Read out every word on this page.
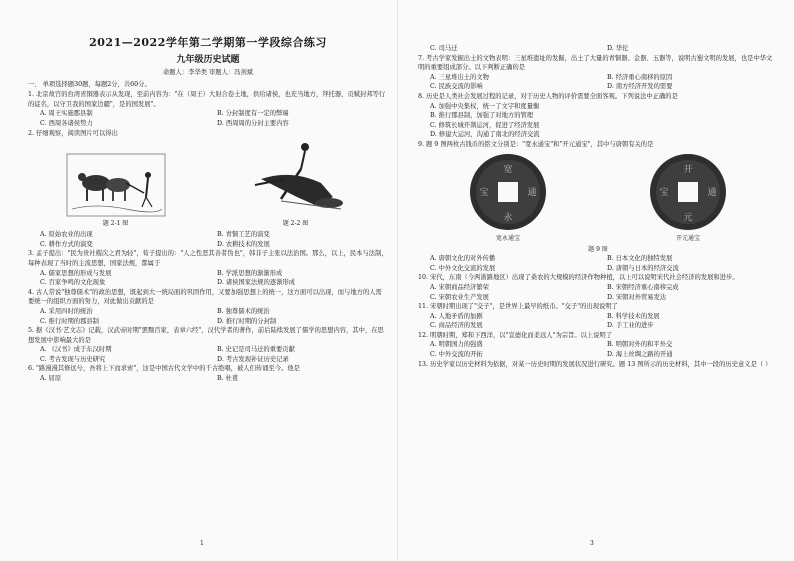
2021—2022学年第二学期第一学段综合练习
九年级历史试题
命题人：李华类 审题人：冯剑斌
一、 单项选择题30题，每题2分，共60分。

1. 北京故宫的台湾省铜器表示从发现，至前内容为："在（周王）大射合卷土地，供给诸侯，也充当地方，拜托器、贡赋封邦等行的徒名，以守卫我的国家边疆"，是的国发展"。

A. 周王实施郡县制	B. 分封制度有一定的弊端
C. 西周各诸侯势力	D. 西周周的分封主要内容

2. 仔细观察，阅读图片可以得出

题 2-1 图	题 2-2 图
A. 原始农业的出现	B. 青铜工艺的演变
C. 耕作方式的演变	D. 农耕技术的发展

3. 孟子提出："民为贵社稷次之君为轻"，荀子提出的："人之性恶其善者伪也"，韩非子主张以法治国。那么，以上，民本与法制，每种表现了当时的主流思想，国家法规，都属于

A. 儒家思想的形成与发展	B. 学派思想的渐渐形成
C. 百家争鸣的文化现象	D. 诸侯国家法规的逐渐形成

4. 古人常说"独尊儒术"的政治思想，既起到大一统局面的巩固作用，又要加强思想上的统一，这方面可以出现，而与地方的人需要统一的组织方面的努力，对此做出贡献的是

A. 采用四时的统治	B. 独尊儒术的统治
C. 推行时期的郡县制	D. 推行时期的分封制

5. 据《汉书·艺文志》记载，汉武帝时期"罢黜百家，表章六经"，汉代学者的著作，前后陆续发展了儒学的思想内容，其中，在思想发展中影响最大的是

A. 《汉书》成于东汉时期	B. 史记是司马迁的重要贡献
C. 考古发现与历史研究	D. 考古发现补证历史记录

6. "路漫漫其修远兮，吾将上下而求索"，这是中国古代文学中的千古绝唱，被人们传诵至今。他是

A. 屈原	B. 杜甫
1
C. 司马迁	D. 华佗

7. 考古学家发掘出土的文物表明：三星堆遗址的发掘，出土了大量的青铜器、金器、玉器等，说明古蜀文明的发展，也是中华文明的重要组成部分。以下判断正确的是

A. 三星堆出土的文物	B. 经济重心南移的原因
C. 民族交流的影响	D. 南方经济开发的需要

8. 历史是人类社会发展过程的记录，对于历史人物的评价需要全面客观。下列说法中正确的是

A. 加强中央集权，统一了文字和度量衡
B. 推行郡县制，加强了对地方的管理
C. 修筑长城开凿运河，促进了经济发展
D. 修建大运河，沟通了南北的经济交流

9. 题 9 图两枚古钱币的铭文分别是："宽永通宝"和"开元通宝"，其中与唐朝有关的是

宽
永
通
宝
宽永通宝
开
元
通
宝
开元通宝
题 9 图
A. 唐朝文化的对外传播	B. 日本文化的独特发展
C. 中外文化交流的发展	D. 唐朝与日本的经济交流

10. 宋代，东南（今两浙路地区）出现了桑农的大规模的经济作物种植，以上可以说明宋代社会经济的发展和进步。

A. 宋朝商品经济繁荣	B. 宋朝经济重心南移完成
C. 宋朝农业生产发展	D. 宋朝对外贸易发达

11. 宋朝时期出现了"交子"，是世界上最早的纸币。"交子"的出现说明了

A. 人地矛盾的加剧	B. 科学技术的发展
C. 商品经济的发展	D. 手工业的进步

12. 明朝时期，郑和下西洋，以"宣德化而柔远人"为宗旨。以上说明了

A. 明朝国力的强盛	B. 明朝对外的和平外交
C. 中外交流的开拓	D. 海上丝绸之路的开通

13. 历史学家以历史材料为依据，对某一历史时期的发展状况进行研究。题 13 图所示的历史材料，其中一段的历史意义是（ ）

3
